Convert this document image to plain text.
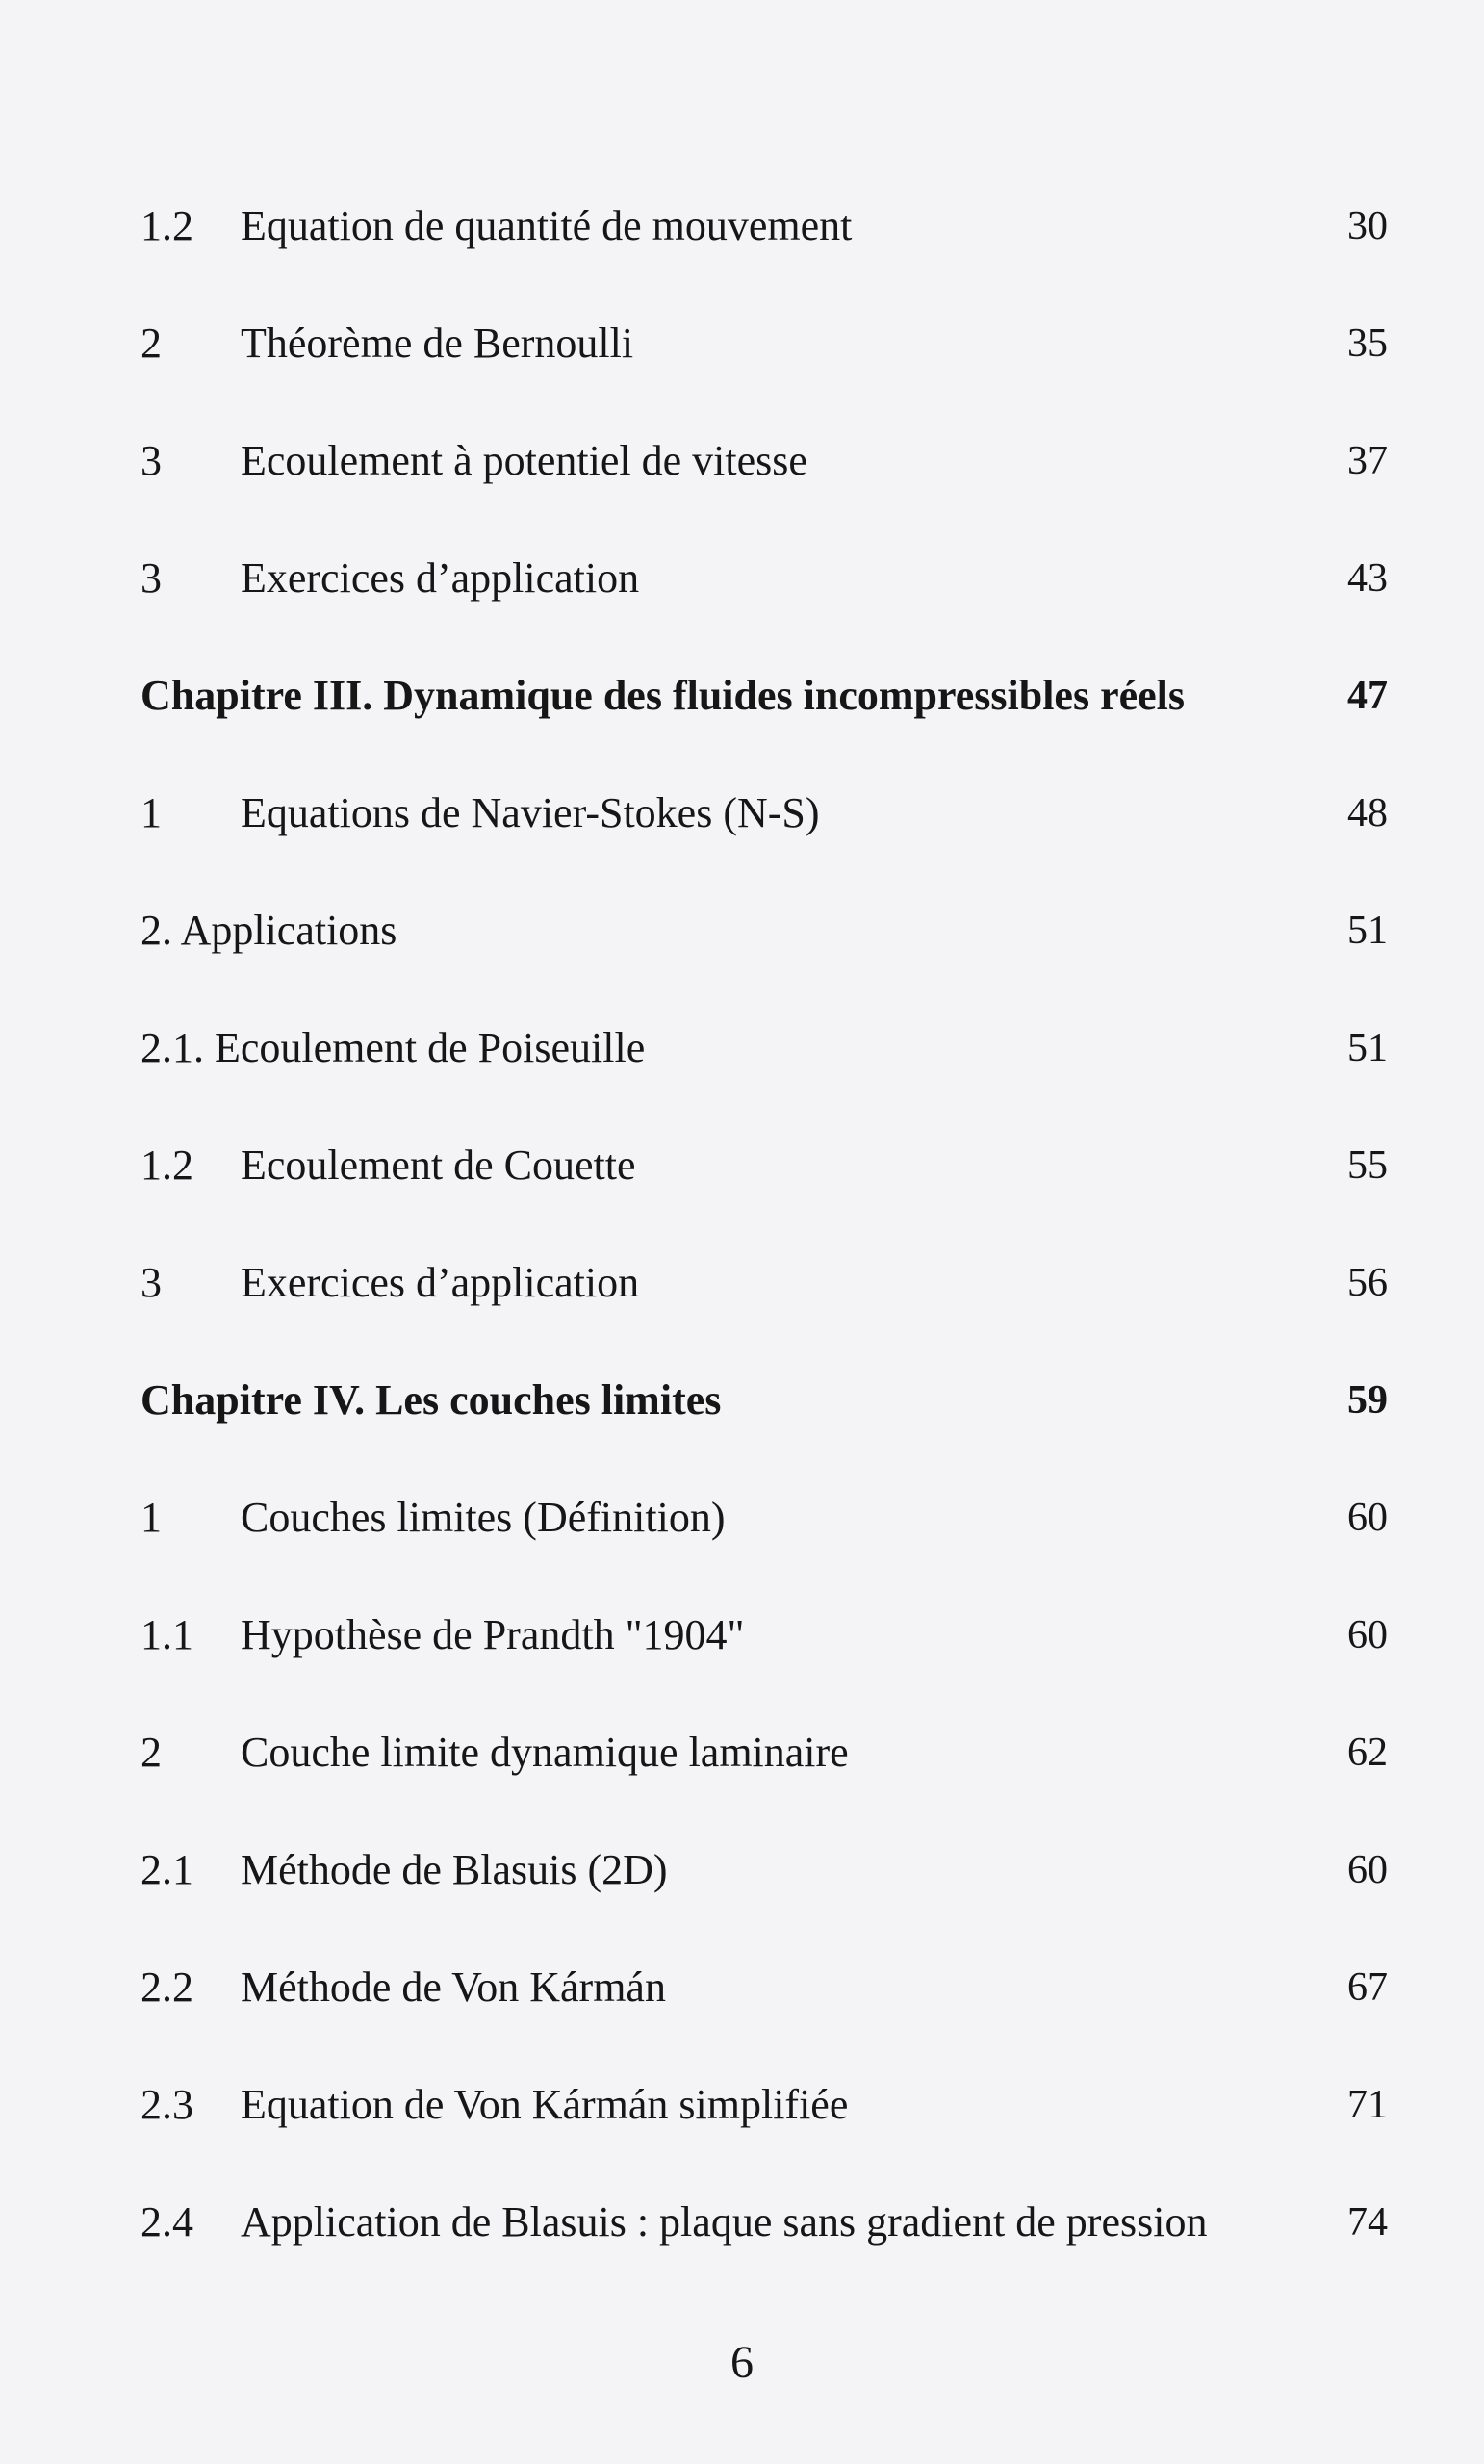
1.2 Equation de quantité de mouvement	30
2 Théorème de Bernoulli	35
3 Ecoulement à potentiel de vitesse	37
3 Exercices d’application	43
Chapitre III. Dynamique des fluides incompressibles réels	47
1 Equations de Navier-Stokes (N-S)	48
2. Applications	51
2.1. Ecoulement de Poiseuille	51
1.2 Ecoulement de Couette	55
3 Exercices d’application	56
Chapitre IV. Les couches limites	59
1 Couches limites (Définition)	60
1.1 Hypothèse de Prandth "1904"	60
2 Couche limite dynamique laminaire	62
2.1 Méthode de Blasuis (2D)	60
2.2 Méthode de Von Kármán	67
2.3 Equation de Von Kármán simplifiée	71
2.4 Application de Blasuis : plaque sans gradient de pression	74
6
